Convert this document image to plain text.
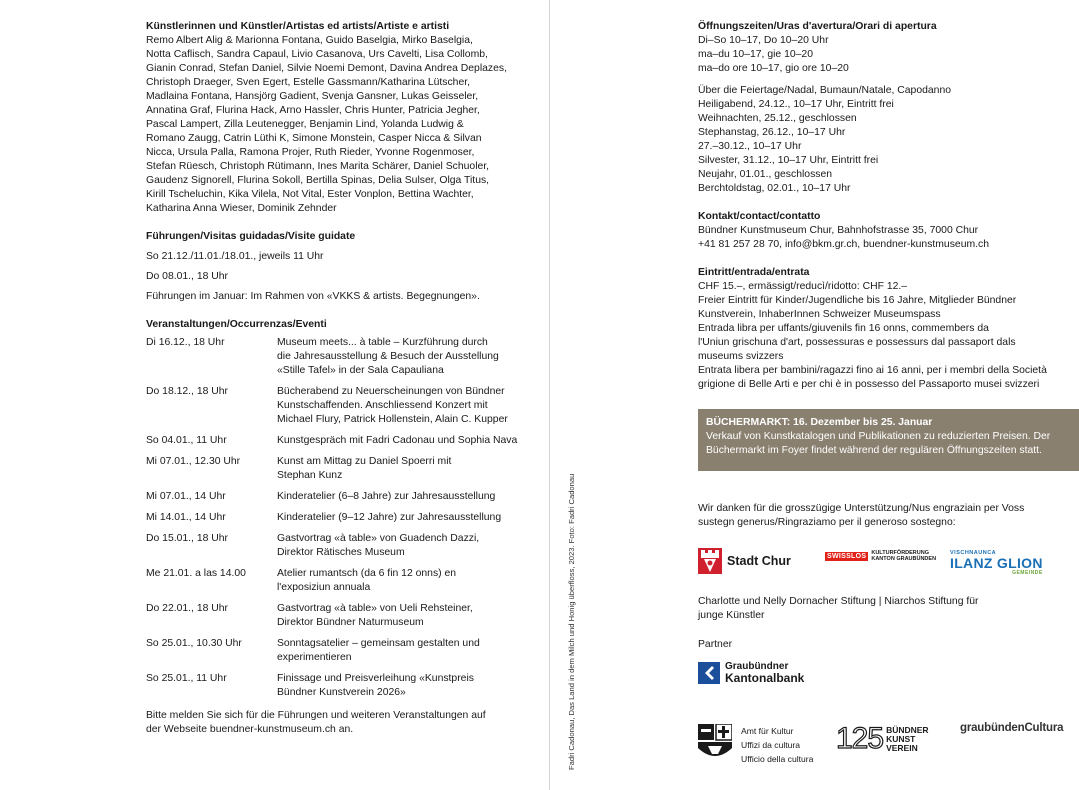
Künstlerinnen und Künstler/Artistas ed artists/Artiste e artisti

Remo Albert Alig & Marionna Fontana, Guido Baselgia, Mirko Baselgia,

Notta Caflisch, Sandra Capaul, Livio Casanova, Urs Cavelti, Lisa Collomb,

Gianin Conrad, Stefan Daniel, Silvie Noemi Demont, Davina Andrea Deplazes,

Christoph Draeger, Sven Egert, Estelle Gassmann/Katharina Lütscher,

Madlaina Fontana, Hansjörg Gadient, Svenja Gansner, Lukas Geisseler,

Annatina Graf, Flurina Hack, Arno Hassler, Chris Hunter, Patricia Jegher,

Pascal Lampert, Zilla Leutenegger, Benjamin Lind, Yolanda Ludwig &

Romano Zaugg, Catrin Lüthi K, Simone Monstein, Casper Nicca & Silvan

Nicca, Ursula Palla, Ramona Projer, Ruth Rieder, Yvonne Rogenmoser,

Stefan Rüesch, Christoph Rütimann, Ines Marita Schärer, Daniel Schuoler,

Gaudenz Signorell, Flurina Sokoll, Bertilla Spinas, Delia Sulser, Olga Titus,

Kirill Tscheluchin, Kika Vilela, Not Vital, Ester Vonplon, Bettina Wachter,

Katharina Anna Wieser, Dominik Zehnder

Führungen/Visitas guidadas/Visite guidate

So 21.12./11.01./18.01., jeweils 11 Uhr

Do 08.01., 18 Uhr

Führungen im Januar: Im Rahmen von «VKKS & artists. Begegnungen».

Veranstaltungen/Occurrenzas/Eventi

Di 16.12., 18 Uhr	Museum meets... à table – Kurzführung durch
die Jahresausstellung & Besuch der Ausstellung
«Stille Tafel» in der Sala Capauliana
Do 18.12., 18 Uhr	Bücherabend zu Neuerscheinungen von Bündner
Kunstschaffenden. Anschliessend Konzert mit
Michael Flury, Patrick Hollenstein, Alain C. Kupper
So 04.01., 11 Uhr	Kunstgespräch mit Fadri Cadonau und Sophia Nava
Mi 07.01., 12.30 Uhr	Kunst am Mittag zu Daniel Spoerri mit
Stephan Kunz
Mi 07.01., 14 Uhr	Kinderatelier (6–8 Jahre) zur Jahresausstellung
Mi 14.01., 14 Uhr	Kinderatelier (9–12 Jahre) zur Jahresausstellung
Do 15.01., 18 Uhr	Gastvortrag «à table» von Guadench Dazzi,
Direktor Rätisches Museum
Me 21.01. a las 14.00	Atelier rumantsch (da 6 fin 12 onns) en
l'exposiziun annuala
Do 22.01., 18 Uhr	Gastvortrag «à table» von Ueli Rehsteiner,
Direktor Bündner Naturmuseum
So 25.01., 10.30 Uhr	Sonntagsatelier – gemeinsam gestalten und
experimentieren
So 25.01., 11 Uhr	Finissage und Preisverleihung «Kunstpreis
Bündner Kunstverein 2026»

Bitte melden Sie sich für die Führungen und weiteren Veranstaltungen auf

der Webseite buendner-kunstmuseum.ch an.	Fadri Cadonau, Das Land in dem Milch und Honig überfloss, 2023. Foto: Fadri Cadonau

Öffnungszeiten/Uras d'avertura/Orari di apertura

Di–So 10–17, Do 10–20 Uhr

ma–du 10–17, gie 10–20

ma–do ore 10–17, gio ore 10–20

Über die Feiertage/Nadal, Bumaun/Natale, Capodanno

Heiligabend, 24.12., 10–17 Uhr, Eintritt frei

Weihnachten, 25.12., geschlossen

Stephanstag, 26.12., 10–17 Uhr

27.–30.12., 10–17 Uhr

Silvester, 31.12., 10–17 Uhr, Eintritt frei

Neujahr, 01.01., geschlossen

Berchtoldstag, 02.01., 10–17 Uhr

Kontakt/contact/contatto

Bündner Kunstmuseum Chur, Bahnhofstrasse 35, 7000 Chur

+41 81 257 28 70, info@bkm.gr.ch, buendner-kunstmuseum.ch

Eintritt/entrada/entrata

CHF 15.–, ermässigt/reducì/ridotto: CHF 12.–

Freier Eintritt für Kinder/Jugendliche bis 16 Jahre, Mitglieder Bündner

Kunstverein, InhaberInnen Schweizer Museumspass

Entrada libra per uffants/giuvenils fin 16 onns, commembers da

l'Uniun grischuna d'art, possessuras e possessurs dal passaport dals

museums svizzers

Entrata libera per bambini/ragazzi fino ai 16 anni, per i membri della Società

grigione di Belle Arti e per chi è in possesso del Passaporto musei svizzeri

BÜCHERMARKT: 16. Dezember bis 25. Januar
Verkauf von Kunstkatalogen und Publikationen zu reduzierten Preisen. Der
Büchermarkt im Foyer findet während der regulären Öffnungszeiten statt.

Wir danken für die grosszügige Unterstützung/Nus engraziain per Voss

sustegn generus/Ringraziamo per il generoso sostegno:

Stadt Chur	SWISSLOS KULTURFÖRDERUNG
KANTON GRAUBÜNDEN
VISCHNAUNCA
ILANZ GLION
GEMEINDE

Charlotte und Nelly Dornacher Stiftung | Niarchos Stiftung für

junge Künstler

Partner

Graubündner
Kantonalbank
Amt für Kultur
Uffizi da cultura
Ufficio della cultura
125 BÜNDNER
KUNST
VEREIN
graubündenCultura
